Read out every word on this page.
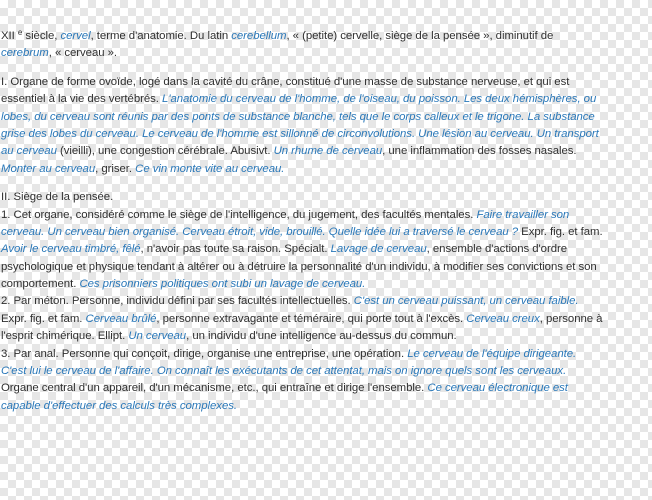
XII $^e$ siècle, cervel, terme d'anatomie. Du latin cerebellum, « (petite) cervelle, siège de la pensée », diminutif de
cerebrum, « cerveau ».
I. Organe de forme ovoïde, logé dans la cavité du crâne, constitué d'une masse de substance nerveuse, et qui est
essentiel à la vie des vertébrés. L'anatomie du cerveau de l'homme, de l'oiseau, du poisson. Les deux hémisphères, ou
lobes, du cerveau sont réunis par des ponts de substance blanche, tels que le corps calleux et le trigone. La substance
grise des lobes du cerveau. Le cerveau de l'homme est sillonné de circonvolutions. Une lésion au cerveau. Un transport
au cerveau (vieilli), une congestion cérébrale. Abusivt. Un rhume de cerveau, une inflammation des fosses nasales.
Monter au cerveau, griser. Ce vin monte vite au cerveau.
II. Siège de la pensée.
1. Cet organe, considéré comme le siège de l'intelligence, du jugement, des facultés mentales. Faire travailler son
cerveau. Un cerveau bien organisé. Cerveau étroit, vide, brouillé. Quelle idée lui a traversé le cerveau ? Expr. fig. et fam.
Avoir le cerveau timbré, fêlé, n'avoir pas toute sa raison. Spécialt. Lavage de cerveau, ensemble d'actions d'ordre
psychologique et physique tendant à altérer ou à détruire la personnalité d'un individu, à modifier ses convictions et son
comportement. Ces prisonniers politiques ont subi un lavage de cerveau.
2. Par méton. Personne, individu défini par ses facultés intellectuelles. C'est un cerveau puissant, un cerveau faible.
Expr. fig. et fam. Cerveau brûlé, personne extravagante et téméraire, qui porte tout à l'excès. Cerveau creux, personne à
l'esprit chimérique. Ellipt. Un cerveau, un individu d'une intelligence au-dessus du commun.
3. Par anal. Personne qui conçoit, dirige, organise une entreprise, une opération. Le cerveau de l'équipe dirigeante.
C'est lui le cerveau de l'affaire. On connaît les exécutants de cet attentat, mais on ignore quels sont les cerveaux.
Organe central d'un appareil, d'un mécanisme, etc., qui entraîne et dirige l'ensemble. Ce cerveau électronique est
capable d'effectuer des calculs très complexes.
